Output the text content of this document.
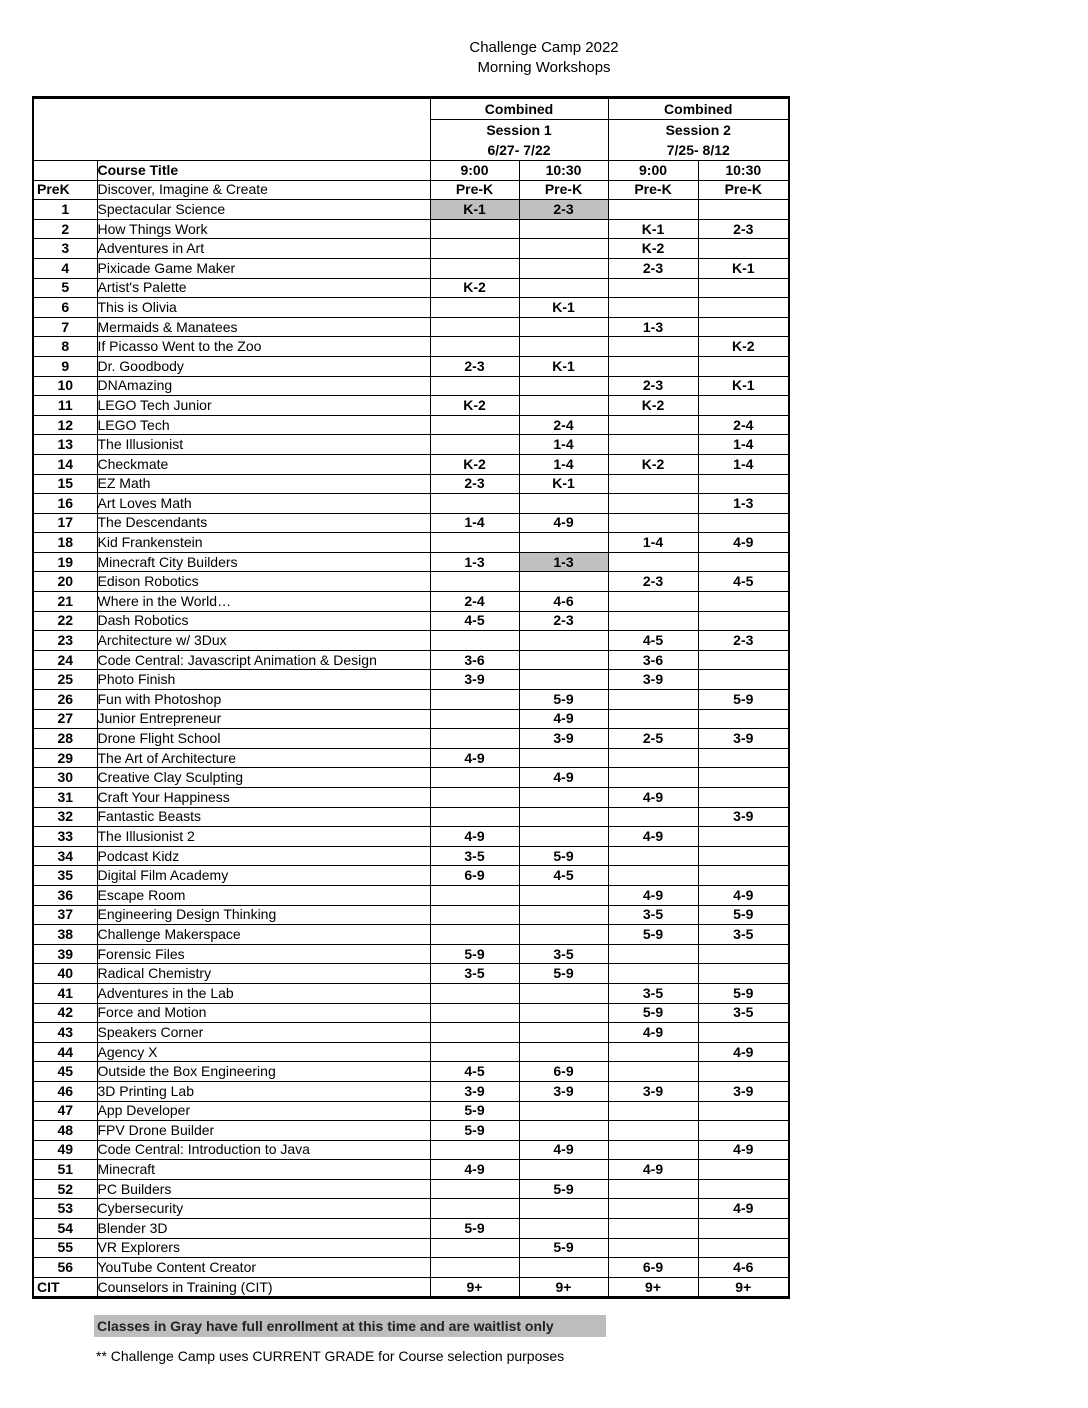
Challenge Camp 2022
Morning Workshops
		Combined		Combined	
		Session 1		Session 2	
		6/27- 7/22		7/25- 8/12	
	Course Title	9:00	10:30	9:00	10:30
PreK	Discover, Imagine & Create	Pre-K	Pre-K	Pre-K	Pre-K
1	Spectacular Science	K-1	2-3		
2	How Things Work			K-1	2-3
3	Adventures in Art			K-2	
4	Pixicade Game Maker			2-3	K-1
5	Artist's Palette	K-2			
6	This is Olivia		K-1		
7	Mermaids & Manatees			1-3	
8	If Picasso Went to the Zoo				K-2
9	Dr. Goodbody	2-3	K-1		
10	DNAmazing			2-3	K-1
11	LEGO Tech Junior	K-2		K-2	
12	LEGO Tech		2-4		2-4
13	The Illusionist		1-4		1-4
14	Checkmate	K-2	1-4	K-2	1-4
15	EZ Math	2-3	K-1		
16	Art Loves Math				1-3
17	The Descendants	1-4	4-9		
18	Kid Frankenstein			1-4	4-9
19	Minecraft City Builders	1-3	1-3		
20	Edison Robotics			2-3	4-5
21	Where in the World…	2-4	4-6		
22	Dash Robotics	4-5	2-3		
23	Architecture w/ 3Dux			4-5	2-3
24	Code Central: Javascript Animation & Design	3-6		3-6	
25	Photo Finish	3-9		3-9	
26	Fun with Photoshop		5-9		5-9
27	Junior Entrepreneur		4-9		
28	Drone Flight School		3-9	2-5	3-9
29	The Art of Architecture	4-9			
30	Creative Clay Sculpting		4-9		
31	Craft Your Happiness			4-9	
32	Fantastic Beasts				3-9
33	The Illusionist 2	4-9		4-9	
34	Podcast Kidz	3-5	5-9		
35	Digital Film Academy	6-9	4-5		
36	Escape Room			4-9	4-9
37	Engineering Design Thinking			3-5	5-9
38	Challenge Makerspace			5-9	3-5
39	Forensic Files	5-9	3-5		
40	Radical Chemistry	3-5	5-9		
41	Adventures in the Lab			3-5	5-9
42	Force and Motion			5-9	3-5
43	Speakers Corner			4-9	
44	Agency X				4-9
45	Outside the Box Engineering	4-5	6-9		
46	3D Printing Lab	3-9	3-9	3-9	3-9
47	App Developer	5-9			
48	FPV Drone Builder	5-9			
49	Code Central: Introduction to Java		4-9		4-9
51	Minecraft	4-9		4-9	
52	PC Builders		5-9		
53	Cybersecurity				4-9
54	Blender 3D	5-9			
55	VR Explorers		5-9		
56	YouTube Content Creator			6-9	4-6
CIT	Counselors in Training (CIT)	9+	9+	9+	9+
Classes in Gray have full enrollment at this time and are waitlist only
** Challenge Camp uses CURRENT GRADE for Course selection purposes
